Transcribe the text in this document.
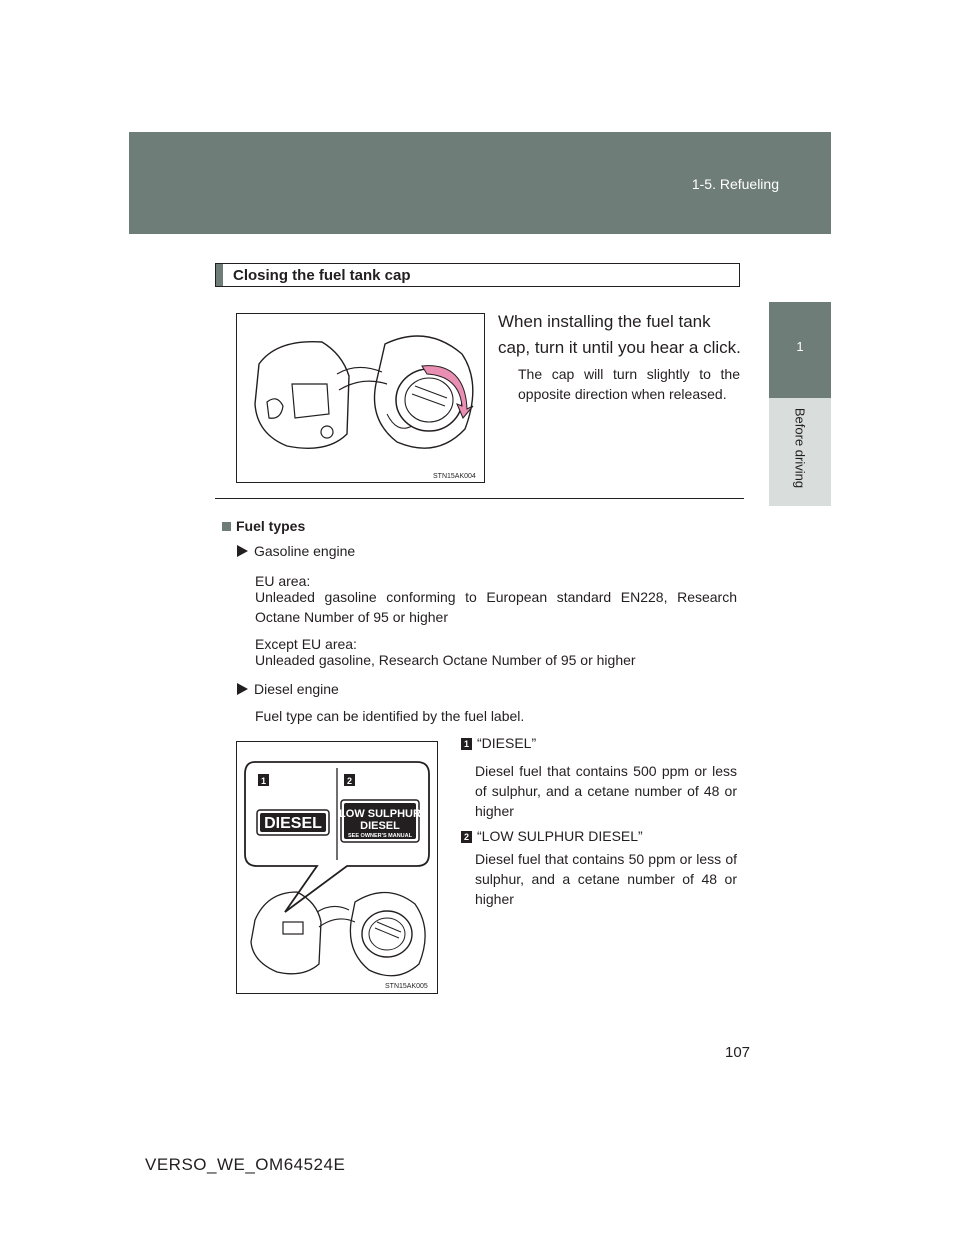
1-5. Refueling
1
Before driving
Closing the fuel tank cap
STN15AK004
When installing the fuel tank cap, turn it until you hear a click.
The cap will turn slightly to the opposite direction when released.
Fuel types
Gasoline engine
EU area:
Unleaded gasoline conforming to European standard EN228, Research Octane Number of 95 or higher
Except EU area:
Unleaded gasoline, Research Octane Number of 95 or higher
Diesel engine
Fuel type can be identified by the fuel label.
1	2
DIESEL
LOW SULPHUR
DIESEL
SEE OWNER'S MANUAL
STN15AK005
1 “DIESEL”
Diesel fuel that contains 500 ppm or less of sulphur, and a cetane number of 48 or higher
2 “LOW SULPHUR DIESEL”
Diesel fuel that contains 50 ppm or less of sulphur, and a cetane number of 48 or higher
107
VERSO_WE_OM64524E
